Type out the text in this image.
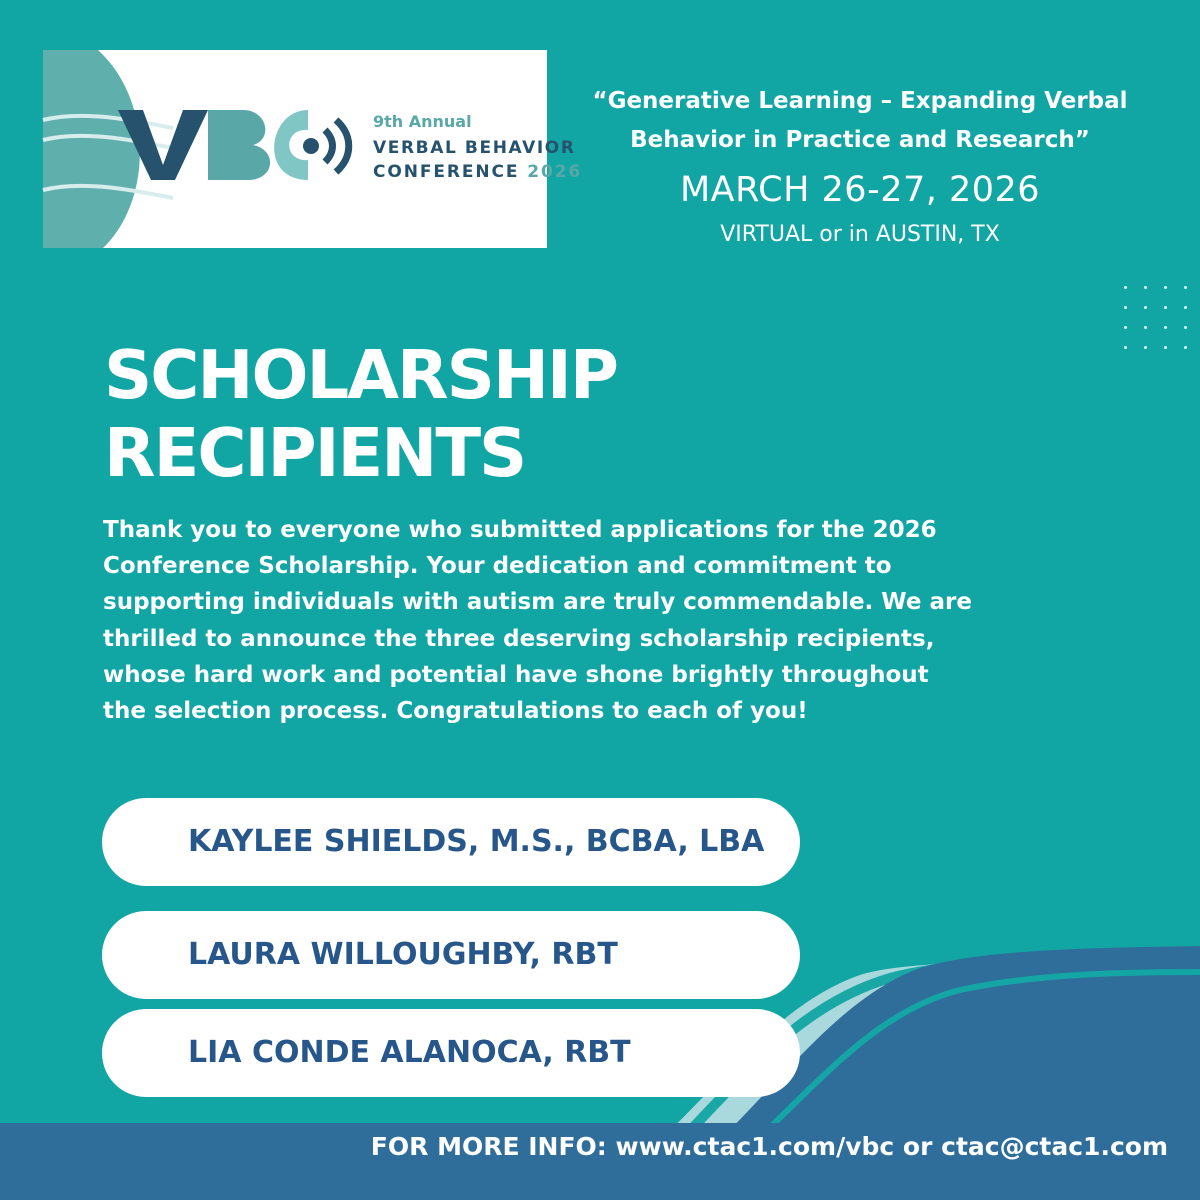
9th Annual
VERBAL BEHAVIOR
CONFERENCE 2026
“Generative Learning – Expanding Verbal
Behavior in Practice and Research”
MARCH 26-27, 2026
VIRTUAL or in AUSTIN, TX
SCHOLARSHIP
RECIPIENTS
Thank you to everyone who submitted applications for the 2026 Conference Scholarship. Your dedication and commitment to supporting individuals with autism are truly commendable. We are thrilled to announce the three deserving scholarship recipients, whose hard work and potential have shone brightly throughout the selection process. Congratulations to each of you!
KAYLEE SHIELDS, M.S., BCBA, LBA
LAURA WILLOUGHBY, RBT
LIA CONDE ALANOCA, RBT
FOR MORE INFO: www.ctac1.com/vbc or ctac@ctac1.com
